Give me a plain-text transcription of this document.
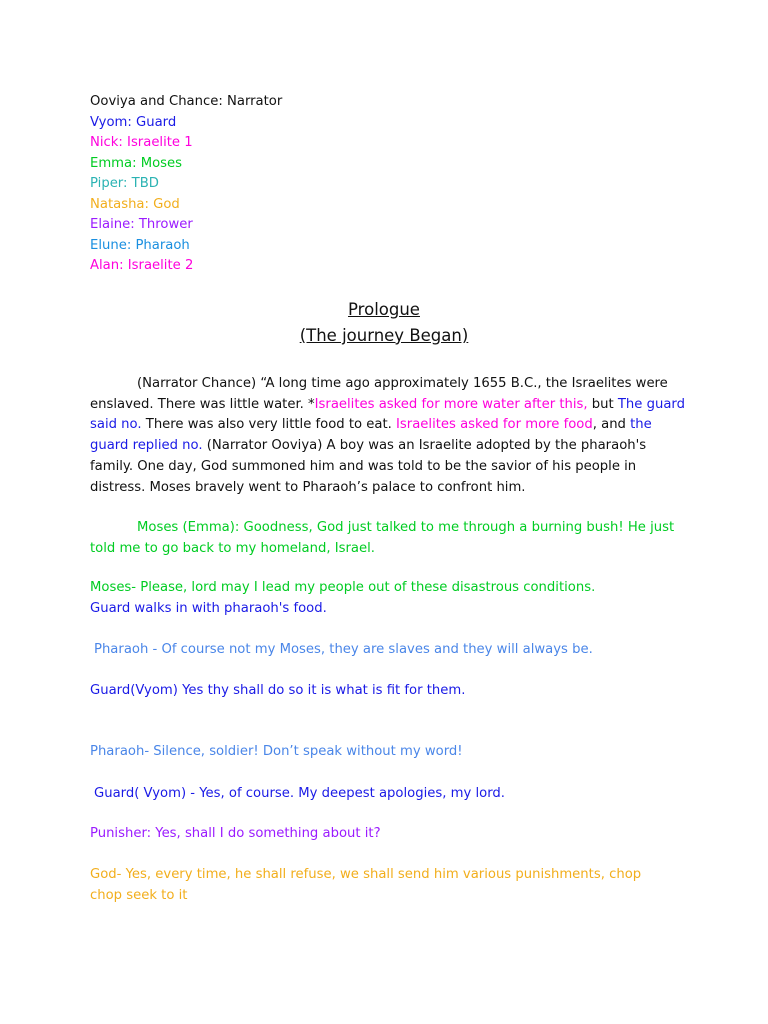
Ooviya and Chance: Narrator
Vyom: Guard
Nick: Israelite 1
Emma: Moses
Piper: TBD
Natasha: God
Elaine: Thrower
Elune: Pharaoh
Alan: Israelite 2
Prologue
(The journey Began)
(Narrator Chance) “A long time ago approximately 1655 B.C., the Israelites were enslaved. There was little water. *Israelites asked for more water after this, but The guard said no. There was also very little food to eat. Israelites asked for more food, and the guard replied no. (Narrator Ooviya) A boy was an Israelite adopted by the pharaoh's family. One day, God summoned him and was told to be the savior of his people in distress. Moses bravely went to Pharaoh’s palace to confront him.
Moses (Emma): Goodness, God just talked to me through a burning bush! He just told me to go back to my homeland, Israel.
Moses- Please, lord may I lead my people out of these disastrous conditions.
Guard walks in with pharaoh's food.
Pharaoh - Of course not my Moses, they are slaves and they will always be.
Guard(Vyom) Yes thy shall do so it is what is fit for them.
Pharaoh- Silence, soldier! Don’t speak without my word!
Guard( Vyom) - Yes, of course. My deepest apologies, my lord.
Punisher: Yes, shall I do something about it?
God- Yes, every time, he shall refuse, we shall send him various punishments, chop chop seek to it
